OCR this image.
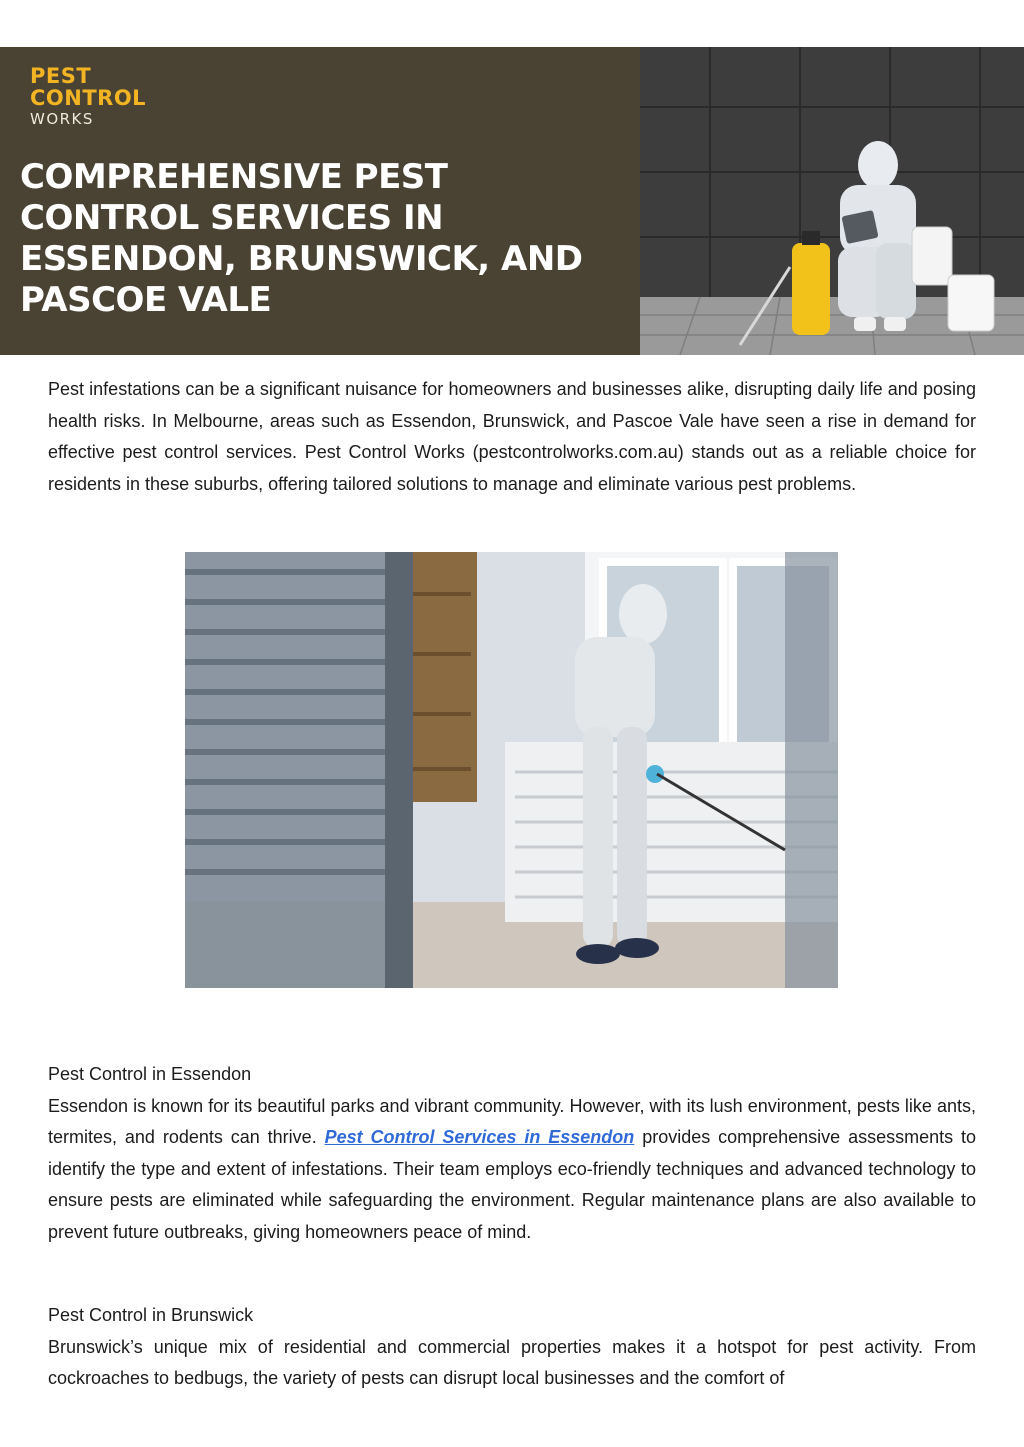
PEST
CONTROL
WORKS
COMPREHENSIVE PEST CONTROL SERVICES IN ESSENDON, BRUNSWICK, AND PASCOE VALE

Pest infestations can be a significant nuisance for homeowners and businesses alike, disrupting daily life and posing health risks. In Melbourne, areas such as Essendon, Brunswick, and Pascoe Vale have seen a rise in demand for effective pest control services. Pest Control Works (pestcontrolworks.com.au) stands out as a reliable choice for residents in these suburbs, offering tailored solutions to manage and eliminate various pest problems.

Pest Control in Essendon

Essendon is known for its beautiful parks and vibrant community. However, with its lush environment, pests like ants, termites, and rodents can thrive. Pest Control Services in Essendon provides comprehensive assessments to identify the type and extent of infestations. Their team employs eco-friendly techniques and advanced technology to ensure pests are eliminated while safeguarding the environment. Regular maintenance plans are also available to prevent future outbreaks, giving homeowners peace of mind.

Pest Control in Brunswick

Brunswick’s unique mix of residential and commercial properties makes it a hotspot for pest activity. From cockroaches to bedbugs, the variety of pests can disrupt local businesses and the comfort of
